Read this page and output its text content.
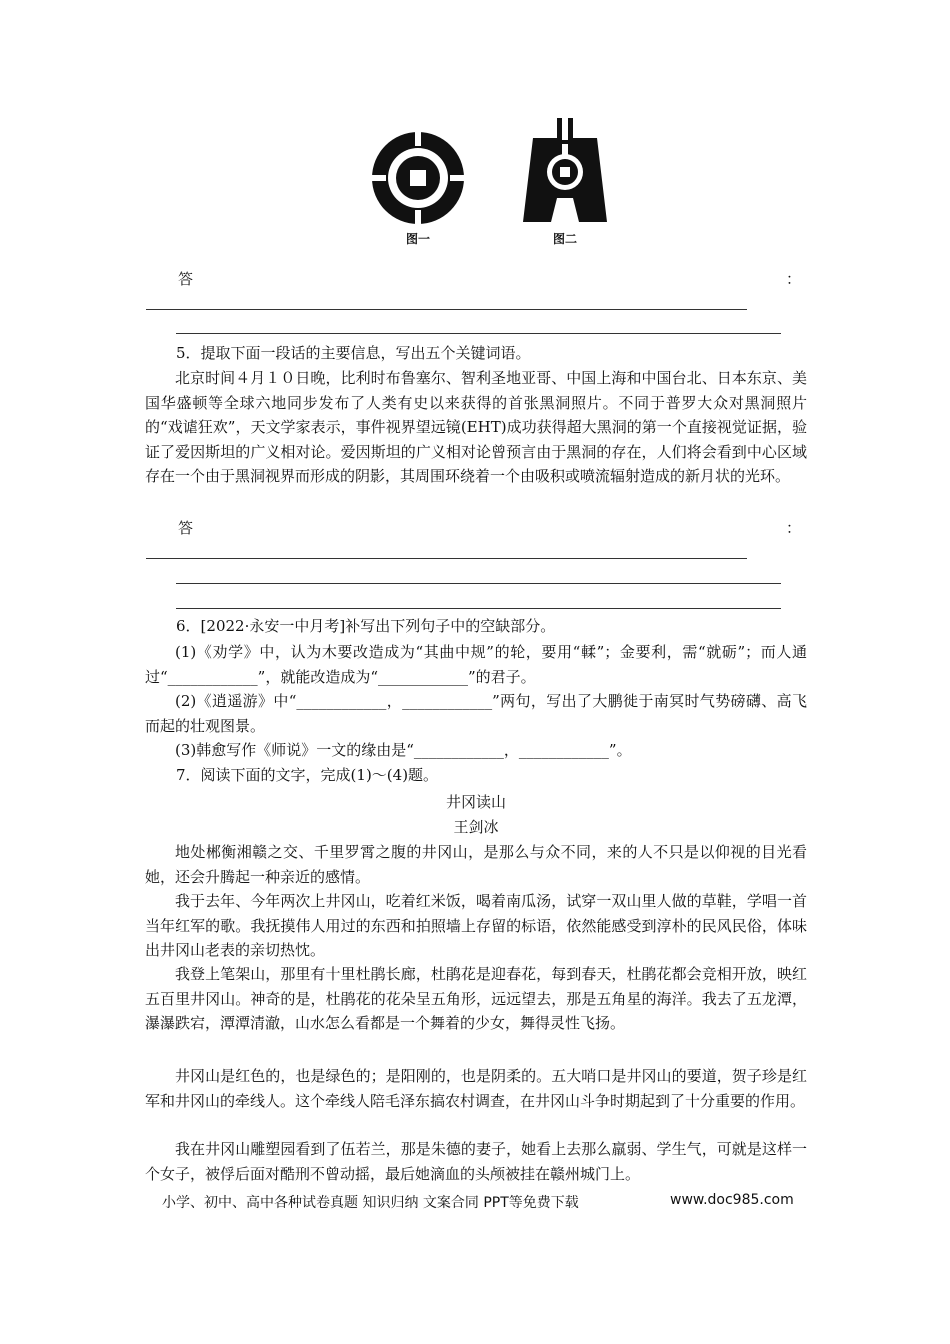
图一	图二
答	：
5．提取下面一段话的主要信息，写出五个关键词语。
北京时间４月１０日晚，比利时布鲁塞尔、智利圣地亚哥、中国上海和中国台北、日本东京、美国华盛顿等全球六地同步发布了人类有史以来获得的首张黑洞照片。不同于普罗大众对黑洞照片的“戏谑狂欢”，天文学家表示，事件视界望远镜(EHT)成功获得超大黑洞的第一个直接视觉证据，验证了爱因斯坦的广义相对论。爱因斯坦的广义相对论曾预言由于黑洞的存在，人们将会看到中心区域存在一个由于黑洞视界而形成的阴影，其周围环绕着一个由吸积或喷流辐射造成的新月状的光环。
答	：
6．[2022·永安一中月考]补写出下列句子中的空缺部分。
(1)《劝学》中，认为木要改造成为“其曲中规”的轮，要用“輮”；金要利，需“就砺”；而人通过“____________”，就能改造成为“____________”的君子。
(2)《逍遥游》中“____________，____________”两句，写出了大鹏徙于南冥时气势磅礴、高飞而起的壮观图景。
(3)韩愈写作《师说》一文的缘由是“____________，____________”。
7．阅读下面的文字，完成(1)～(4)题。
井冈读山
王剑冰
地处郴衡湘赣之交、千里罗霄之腹的井冈山，是那么与众不同，来的人不只是以仰视的目光看她，还会升腾起一种亲近的感情。
我于去年、今年两次上井冈山，吃着红米饭，喝着南瓜汤，试穿一双山里人做的草鞋，学唱一首当年红军的歌。我抚摸伟人用过的东西和拍照墙上存留的标语，依然能感受到淳朴的民风民俗，体味出井冈山老表的亲切热忱。
我登上笔架山，那里有十里杜鹃长廊，杜鹃花是迎春花，每到春天，杜鹃花都会竞相开放，映红五百里井冈山。神奇的是，杜鹃花的花朵呈五角形，远远望去，那是五角星的海洋。我去了五龙潭，瀑瀑跌宕，潭潭清澈，山水怎么看都是一个舞着的少女，舞得灵性飞扬。
井冈山是红色的，也是绿色的；是阳刚的，也是阴柔的。五大哨口是井冈山的要道，贺子珍是红军和井冈山的牵线人。这个牵线人陪毛泽东搞农村调查，在井冈山斗争时期起到了十分重要的作用。
我在井冈山雕塑园看到了伍若兰，那是朱德的妻子，她看上去那么羸弱、学生气，可就是这样一个女子，被俘后面对酷刑不曾动摇，最后她滴血的头颅被挂在赣州城门上。
小学、初中、高中各种试卷真题 知识归纳 文案合同 PPT等免费下载	www.doc985.com
